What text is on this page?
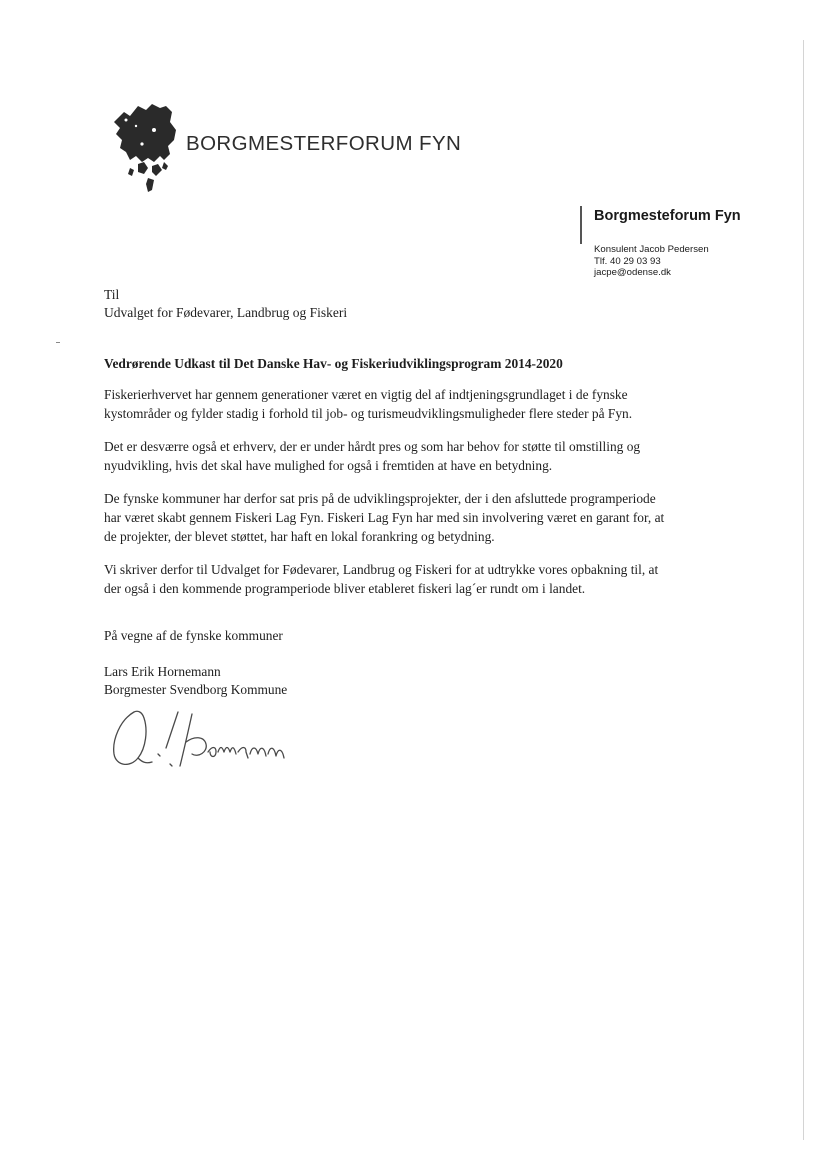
BORGMESTERFORUM FYN
Borgmesteforum Fyn
Konsulent Jacob Pedersen
Tlf. 40 29 03 93
jacpe@odense.dk
Til
Udvalget for Fødevarer, Landbrug og Fiskeri
Vedrørende Udkast til Det Danske Hav- og Fiskeriudviklingsprogram 2014-2020

Fiskerierhvervet har gennem generationer været en vigtig del af indtjeningsgrundlaget i de fynske
kystområder og fylder stadig i forhold til job- og turismeudviklingsmuligheder flere steder på Fyn.

Det er desværre også et erhverv, der er under hårdt pres og som har behov for støtte til omstilling og
nyudvikling, hvis det skal have mulighed for også i fremtiden at have en betydning.

De fynske kommuner har derfor sat pris på de udviklingsprojekter, der i den afsluttede programperiode
har været skabt gennem Fiskeri Lag Fyn. Fiskeri Lag Fyn har med sin involvering været en garant for, at
de projekter, der blevet støttet, har haft en lokal forankring og betydning.

Vi skriver derfor til Udvalget for Fødevarer, Landbrug og Fiskeri for at udtrykke vores opbakning til, at
der også i den kommende programperiode bliver etableret fiskeri lag´er rundt om i landet.

På vegne af de fynske kommuner
Lars Erik Hornemann
Borgmester Svendborg Kommune
